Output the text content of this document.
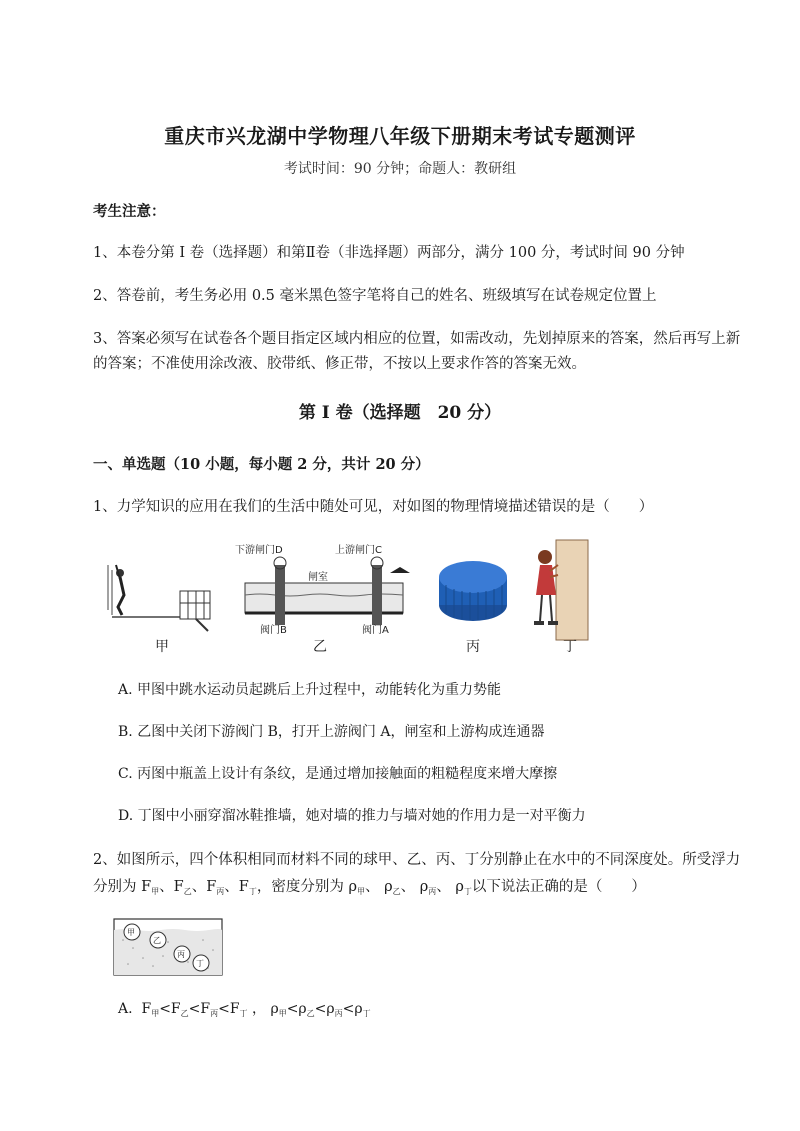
重庆市兴龙湖中学物理八年级下册期末考试专题测评
考试时间：90 分钟；命题人：教研组
考生注意：
1、本卷分第 I 卷（选择题）和第Ⅱ卷（非选择题）两部分，满分 100 分，考试时间 90 分钟
2、答卷前，考生务必用 0.5 毫米黑色签字笔将自己的姓名、班级填写在试卷规定位置上
3、答案必须写在试卷各个题目指定区域内相应的位置，如需改动，先划掉原来的答案，然后再写上新
的答案；不准使用涂改液、胶带纸、修正带，不按以上要求作答的答案无效。
第 I 卷（选择题　20 分）
一、单选题（10 小题，每小题 2 分，共计 20 分）
1、力学知识的应用在我们的生活中随处可见，对如图的物理情境描述错误的是（　　）
闸室
下游闸门D	上游闸门C
阀门B	阀门A
甲	乙	丙	丁
A. 甲图中跳水运动员起跳后上升过程中，动能转化为重力势能
B. 乙图中关闭下游阀门 B，打开上游阀门 A，闸室和上游构成连通器
C. 丙图中瓶盖上设计有条纹，是通过增加接触面的粗糙程度来增大摩擦
D. 丁图中小丽穿溜冰鞋推墙，她对墙的推力与墙对她的作用力是一对平衡力
2、如图所示，四个体积相同而材料不同的球甲、乙、丙、丁分别静止在水中的不同深度处。所受浮力
分别为 $F_甲$、$F_乙$、$F_丙$、$F_丁$，密度分别为 $\rho_甲$、 $\rho_乙$、 $\rho_丙$、 $\rho_丁$以下说法正确的是（　　）
甲
乙
丙
丁
A. $F_甲<F_乙<F_丙<F_丁$ ， $\rho_甲<\rho_乙<\rho_丙<\rho_丁$
